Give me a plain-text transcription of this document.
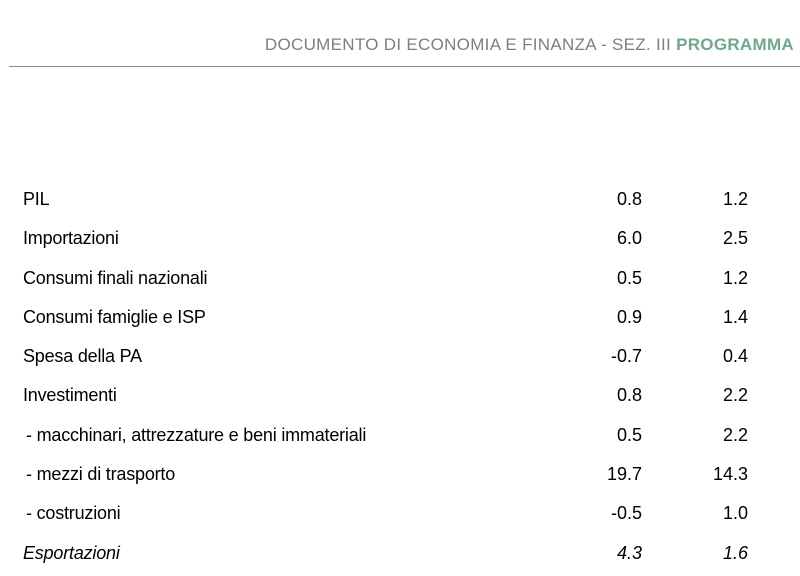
DOCUMENTO DI ECONOMIA E FINANZA - SEZ. III PROGRAMMA
PIL	0.8	1.2
Importazioni	6.0	2.5
Consumi finali nazionali	0.5	1.2
Consumi famiglie e ISP	0.9	1.4
Spesa della PA	-0.7	0.4
Investimenti	0.8	2.2
- macchinari, attrezzature e beni immateriali	0.5	2.2
- mezzi di trasporto	19.7	14.3
- costruzioni	-0.5	1.0
Esportazioni	4.3	1.6
